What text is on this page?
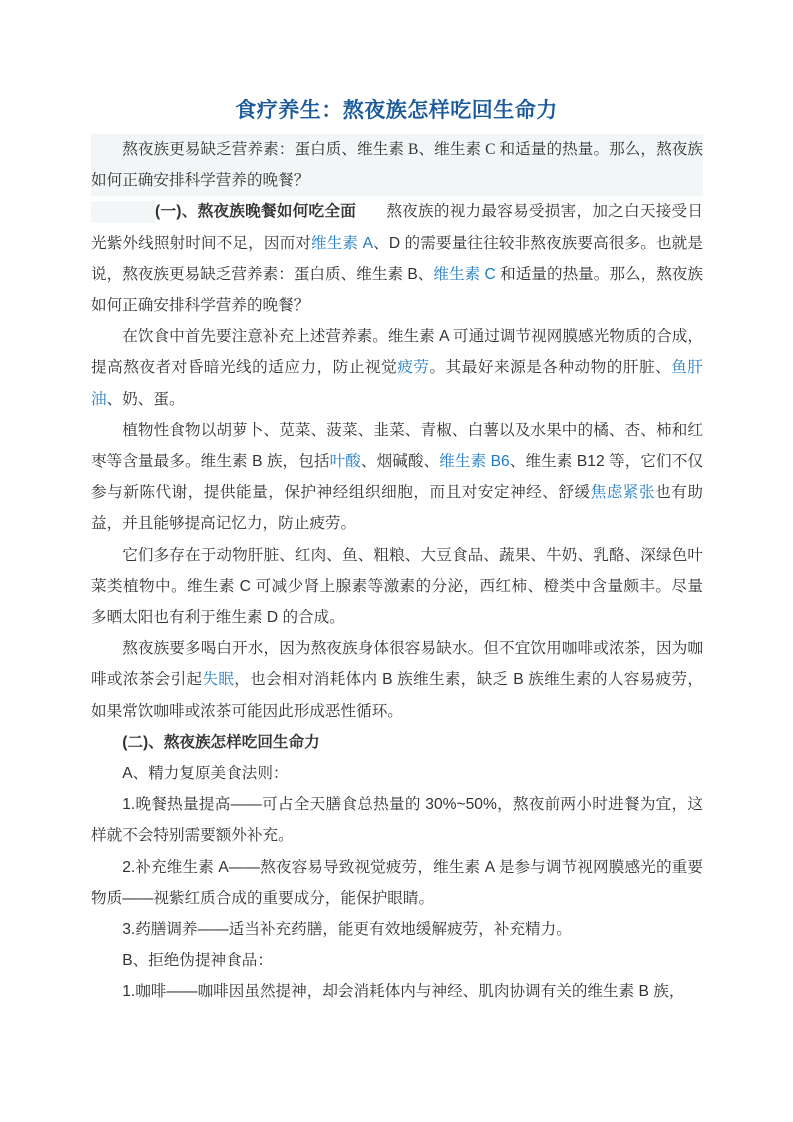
食疗养生：熬夜族怎样吃回生命力

熬夜族更易缺乏营养素：蛋白质、维生素 B、维生素 C 和适量的热量。那么，熬夜族如何正确安排科学营养的晚餐？

(一)、熬夜族晚餐如何吃全面 熬夜族的视力最容易受损害，加之白天接受日光紫外线照射时间不足，因而对维生素 A、D 的需要量往往较非熬夜族要高很多。也就是说，熬夜族更易缺乏营养素：蛋白质、维生素 B、维生素 C 和适量的热量。那么，熬夜族如何正确安排科学营养的晚餐？

在饮食中首先要注意补充上述营养素。维生素 A 可通过调节视网膜感光物质的合成，提高熬夜者对昏暗光线的适应力，防止视觉疲劳。其最好来源是各种动物的肝脏、鱼肝油、奶、蛋。

植物性食物以胡萝卜、苋菜、菠菜、韭菜、青椒、白薯以及水果中的橘、杏、柿和红枣等含量最多。维生素 B 族，包括叶酸、烟碱酸、维生素 B6、维生素 B12 等，它们不仅参与新陈代谢，提供能量，保护神经组织细胞，而且对安定神经、舒缓焦虑紧张也有助益，并且能够提高记忆力，防止疲劳。

它们多存在于动物肝脏、红肉、鱼、粗粮、大豆食品、蔬果、牛奶、乳酪、深绿色叶菜类植物中。维生素 C 可减少肾上腺素等激素的分泌，西红柿、橙类中含量颇丰。尽量多晒太阳也有利于维生素 D 的合成。

熬夜族要多喝白开水，因为熬夜族身体很容易缺水。但不宜饮用咖啡或浓茶，因为咖啡或浓茶会引起失眠，也会相对消耗体内 B 族维生素，缺乏 B 族维生素的人容易疲劳，如果常饮咖啡或浓茶可能因此形成恶性循环。

(二)、熬夜族怎样吃回生命力

A、精力复原美食法则：

1.晚餐热量提高——可占全天膳食总热量的 30%~50%，熬夜前两小时进餐为宜，这样就不会特别需要额外补充。

2.补充维生素 A——熬夜容易导致视觉疲劳，维生素 A 是参与调节视网膜感光的重要物质——视紫红质合成的重要成分，能保护眼睛。

3.药膳调养——适当补充药膳，能更有效地缓解疲劳，补充精力。

B、拒绝伪提神食品：

1.咖啡——咖啡因虽然提神，却会消耗体内与神经、肌肉协调有关的维生素 B 族，
